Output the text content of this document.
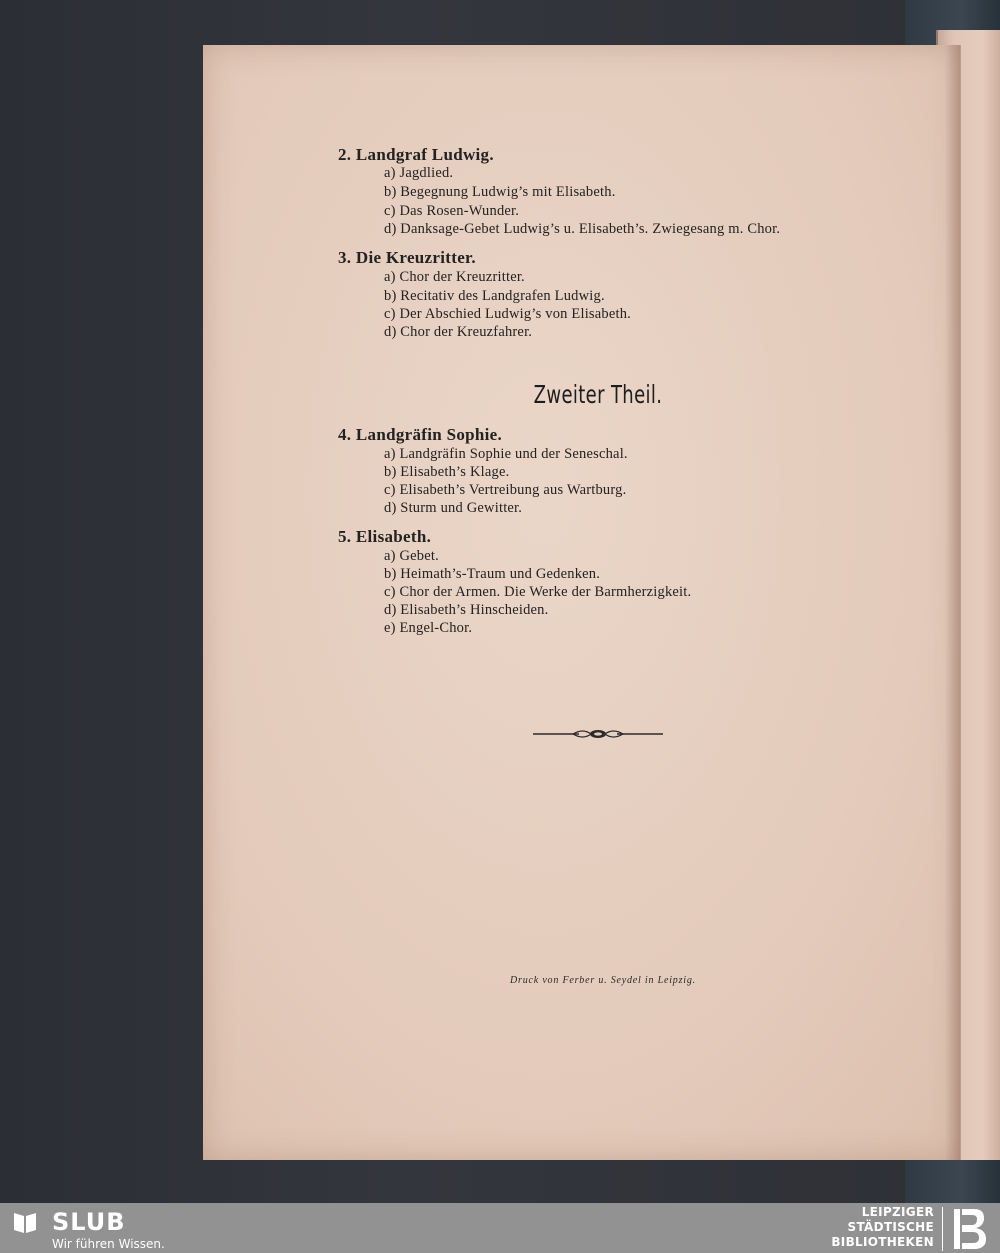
2. Landgraf Ludwig.
a) Jagdlied.
b) Begegnung Ludwig’s mit Elisabeth.
c) Das Rosen-Wunder.
d) Danksage-Gebet Ludwig’s u. Elisabeth’s. Zwiegesang m. Chor.
3. Die Kreuzritter.
a) Chor der Kreuzritter.
b) Recitativ des Landgrafen Ludwig.
c) Der Abschied Ludwig’s von Elisabeth.
d) Chor der Kreuzfahrer.
Zweiter Theil.
4. Landgräfin Sophie.
a) Landgräfin Sophie und der Seneschal.
b) Elisabeth’s Klage.
c) Elisabeth’s Vertreibung aus Wartburg.
d) Sturm und Gewitter.
5. Elisabeth.
a) Gebet.
b) Heimath’s-Traum und Gedenken.
c) Chor der Armen. Die Werke der Barmherzigkeit.
d) Elisabeth’s Hinscheiden.
e) Engel-Chor.
Druck von Ferber u. Seydel in Leipzig.
SLUB
Wir führen Wissen.
LEIPZIGER
STÄDTISCHE
BIBLIOTHEKEN
